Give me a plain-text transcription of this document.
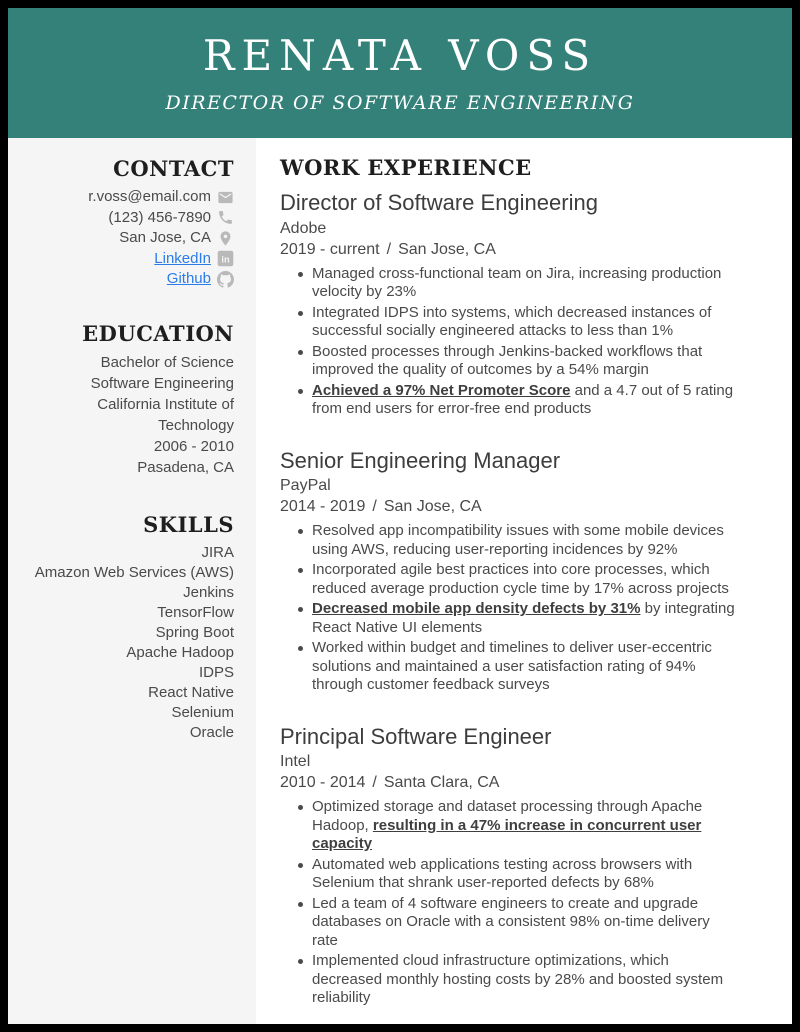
RENATA VOSS
DIRECTOR OF SOFTWARE ENGINEERING
CONTACT
r.voss@email.com
(123) 456-7890
San Jose, CA
LinkedIn in
Github
EDUCATION
Bachelor of Science
Software Engineering
California Institute of Technology
2006 - 2010
Pasadena, CA
SKILLS
JIRA
Amazon Web Services (AWS)
Jenkins
TensorFlow
Spring Boot
Apache Hadoop
IDPS
React Native
Selenium
Oracle
WORK EXPERIENCE
Director of Software Engineering
Adobe
2019 - current / San Jose, CA
Managed cross-functional team on Jira, increasing production velocity by 23%
Integrated IDPS into systems, which decreased instances of successful socially engineered attacks to less than 1%
Boosted processes through Jenkins-backed workflows that improved the quality of outcomes by a 54% margin
Achieved a 97% Net Promoter Score and a 4.7 out of 5 rating from end users for error-free end products
Senior Engineering Manager
PayPal
2014 - 2019 / San Jose, CA
Resolved app incompatibility issues with some mobile devices using AWS, reducing user-reporting incidences by 92%
Incorporated agile best practices into core processes, which reduced average production cycle time by 17% across projects
Decreased mobile app density defects by 31% by integrating React Native UI elements
Worked within budget and timelines to deliver user-eccentric solutions and maintained a user satisfaction rating of 94% through customer feedback surveys
Principal Software Engineer
Intel
2010 - 2014 / Santa Clara, CA
Optimized storage and dataset processing through Apache Hadoop, resulting in a 47% increase in concurrent user capacity
Automated web applications testing across browsers with Selenium that shrank user-reported defects by 68%
Led a team of 4 software engineers to create and upgrade databases on Oracle with a consistent 98% on-time delivery rate
Implemented cloud infrastructure optimizations, which decreased monthly hosting costs by 28% and boosted system reliability
